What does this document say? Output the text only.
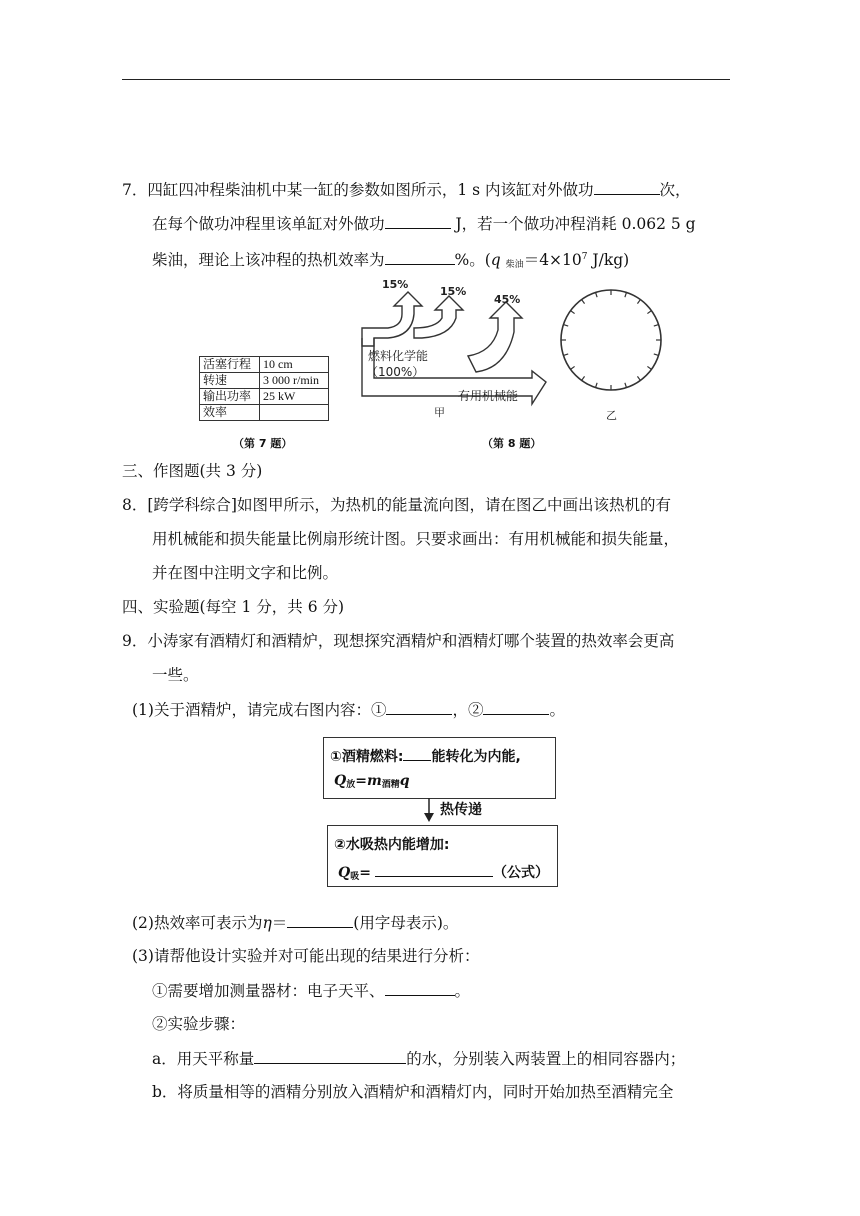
7．四缸四冲程柴油机中某一缸的参数如图所示，1 s 内该缸对外做功	次，
在每个做功冲程里该单缸对外做功	J，若一个做功冲程消耗 0.062 5 g
柴油，理论上该冲程的热机效率为	%。(q $_{柴油}=4\times 10^7$ J/kg)
活塞行程	10 cm
转速	3 000 r/min
输出功率	25 kW
效率	
（第 7 题）
15%
15%
45%
燃料化学能
（100%）
有用机械能
甲	乙
（第 8 题）
三、作图题(共 3 分)
8．[跨学科综合]如图甲所示，为热机的能量流向图，请在图乙中画出该热机的有
用机械能和损失能量比例扇形统计图。只要求画出：有用机械能和损失能量，
并在图中注明文字和比例。
四、实验题(每空 1 分，共 6 分)
9．小涛家有酒精灯和酒精炉，现想探究酒精炉和酒精灯哪个装置的热效率会更高
一些。
(1)关于酒精炉，请完成右图内容：①	，②	。
①酒精燃料: 能转化为内能,
$Q_放=m_{酒精}q$
热传递
②水吸热内能增加:
$Q_吸=$	（公式）
(2)热效率可表示为η＝	(用字母表示)。
(3)请帮他设计实验并对可能出现的结果进行分析：
①需要增加测量器材：电子天平、	。
②实验步骤：
a．用天平称量	的水，分别装入两装置上的相同容器内；
b．将质量相等的酒精分别放入酒精炉和酒精灯内，同时开始加热至酒精完全
